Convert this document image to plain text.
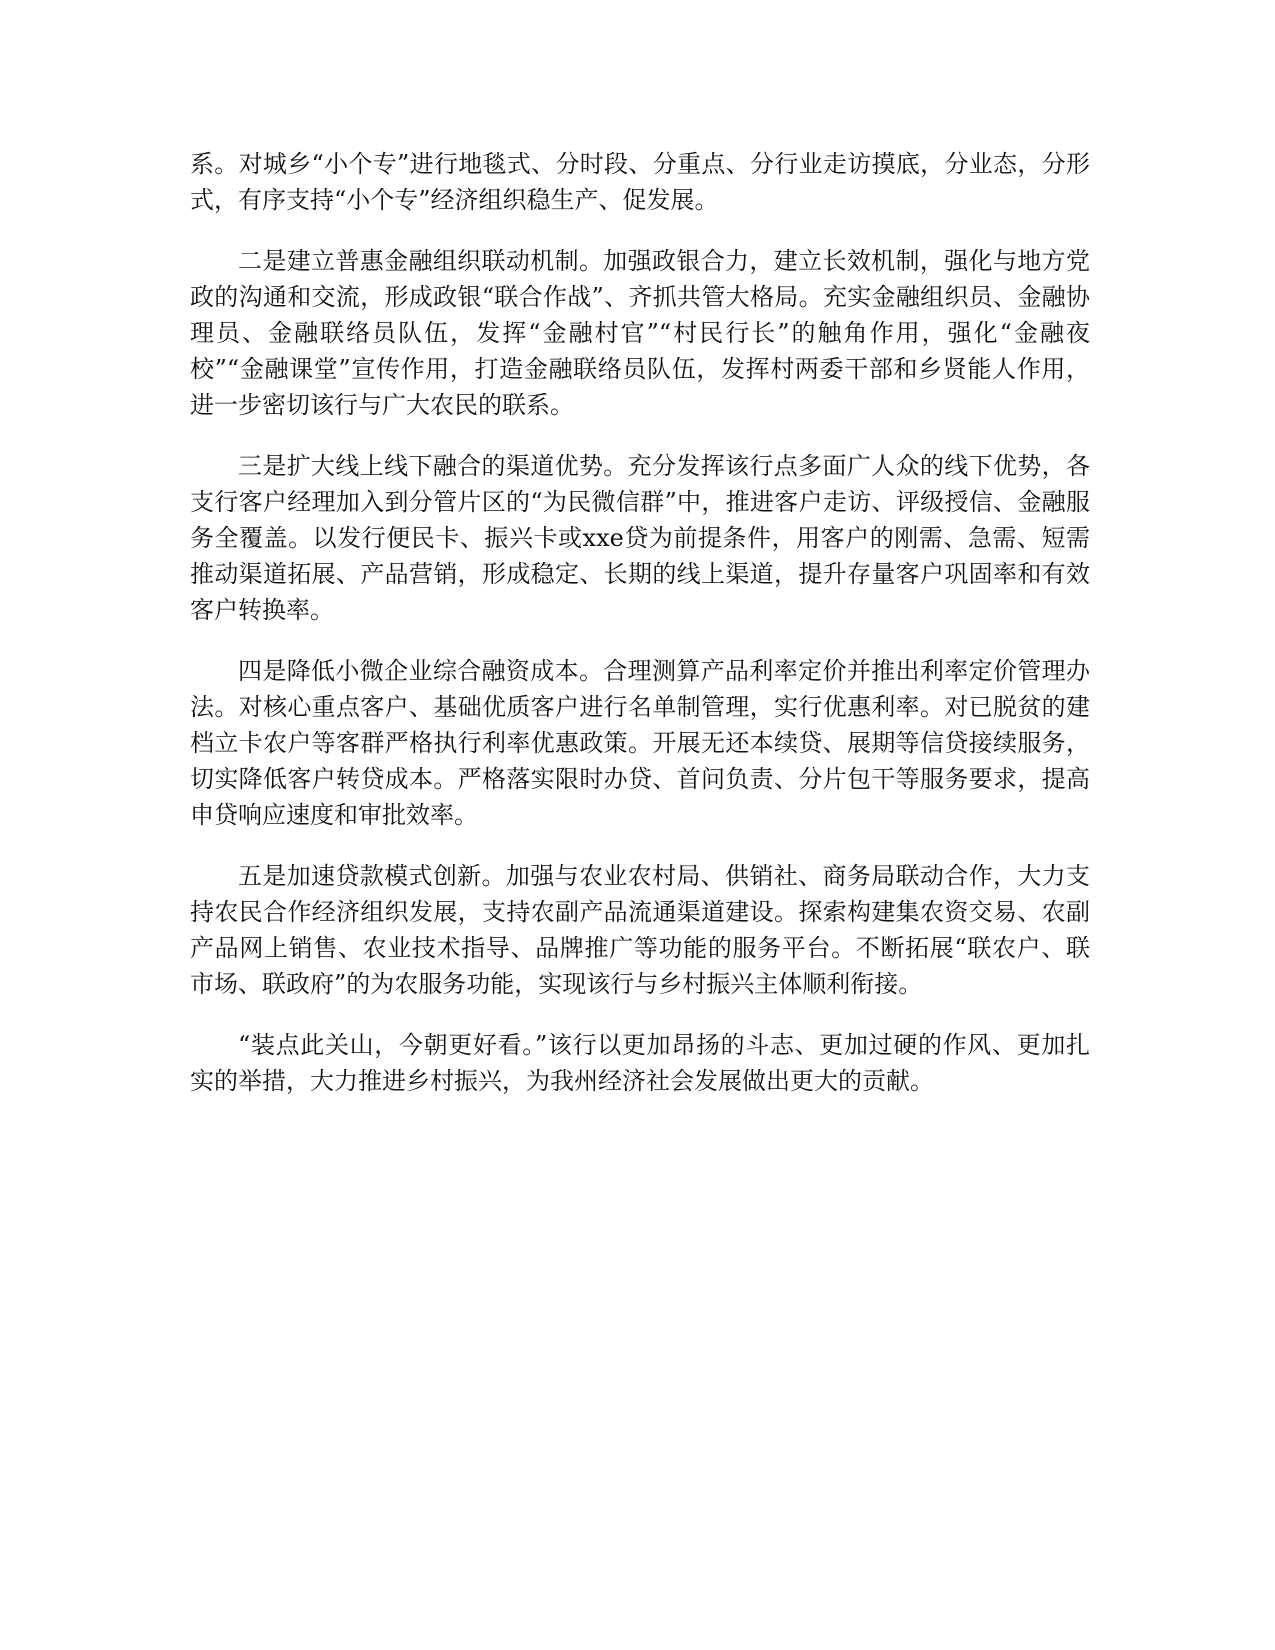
系。对城乡“小个专”进行地毯式、分时段、分重点、分行业走访摸底，分业态，分形式，有序支持“小个专”经济组织稳生产、促发展。

二是建立普惠金融组织联动机制。加强政银合力，建立长效机制，强化与地方党政的沟通和交流，形成政银“联合作战”、齐抓共管大格局。充实金融组织员、金融协理员、金融联络员队伍，发挥“金融村官”“村民行长”的触角作用，强化“金融夜校”“金融课堂”宣传作用，打造金融联络员队伍，发挥村两委干部和乡贤能人作用，进一步密切该行与广大农民的联系。

三是扩大线上线下融合的渠道优势。充分发挥该行点多面广人众的线下优势，各支行客户经理加入到分管片区的“为民微信群”中，推进客户走访、评级授信、金融服务全覆盖。以发行便民卡、振兴卡或xxe贷为前提条件，用客户的刚需、急需、短需推动渠道拓展、产品营销，形成稳定、长期的线上渠道，提升存量客户巩固率和有效客户转换率。

四是降低小微企业综合融资成本。合理测算产品利率定价并推出利率定价管理办法。对核心重点客户、基础优质客户进行名单制管理，实行优惠利率。对已脱贫的建档立卡农户等客群严格执行利率优惠政策。开展无还本续贷、展期等信贷接续服务，切实降低客户转贷成本。严格落实限时办贷、首问负责、分片包干等服务要求，提高申贷响应速度和审批效率。

五是加速贷款模式创新。加强与农业农村局、供销社、商务局联动合作，大力支持农民合作经济组织发展，支持农副产品流通渠道建设。探索构建集农资交易、农副产品网上销售、农业技术指导、品牌推广等功能的服务平台。不断拓展“联农户、联市场、联政府”的为农服务功能，实现该行与乡村振兴主体顺利衔接。

“装点此关山，今朝更好看。”该行以更加昂扬的斗志、更加过硬的作风、更加扎实的举措，大力推进乡村振兴，为我州经济社会发展做出更大的贡献。
